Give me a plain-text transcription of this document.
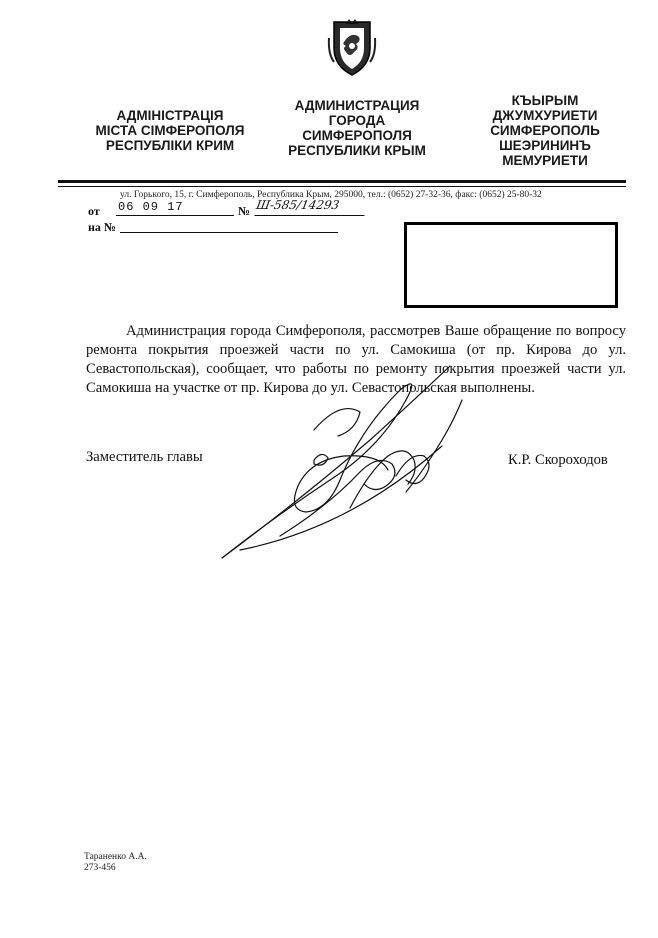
АДМІНІСТРАЦІЯ
МІСТА СІМФЕРОПОЛЯ
РЕСПУБЛІКИ КРИМ
АДМИНИСТРАЦИЯ
ГОРОДА
СИМФЕРОПОЛЯ
РЕСПУБЛИКИ КРЫМ
КЪЫРЫМ
ДЖУМХУРИЕТИ
СИМФЕРОПОЛЬ
ШЕЭРИНИНЪ
МЕМУРИЕТИ
ул. Горького, 15, г. Симферополь, Республика Крым, 295000, тел.: (0652) 27-32-36, факс: (0652) 25-80-32
от 06 09 17	№ Ш-585/14293
на №
Администрация города Симферополя, рассмотрев Ваше обращение по вопросу ремонта покрытия проезжей части по ул. Самокиша (от пр. Кирова до ул. Севастопольская), сообщает, что работы по ремонту покрытия проезжей части ул. Самокиша на участке от пр. Кирова до ул. Севастопольская выполнены.
Заместитель главы	К.Р. Скороходов
Тараненко А.А.
273-456
